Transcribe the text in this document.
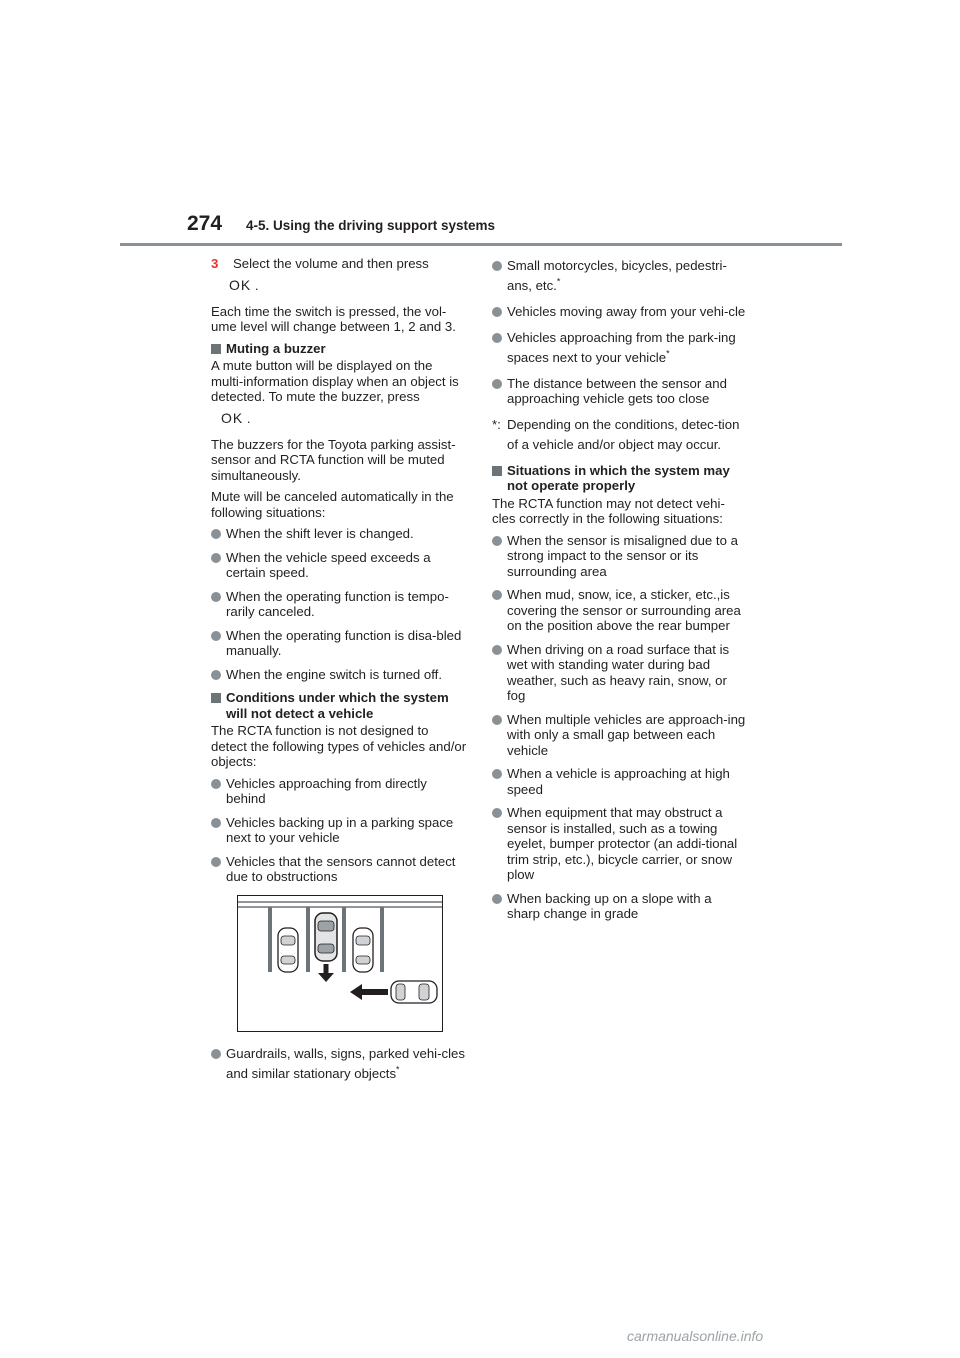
274 4-5. Using the driving support systems
3 Select the volume and then press
OK .

Each time the switch is pressed, the vol-ume level will change between 1, 2 and 3.

Muting a buzzer

A mute button will be displayed on the multi-information display when an object is detected. To mute the buzzer, press

OK .

The buzzers for the Toyota parking assist-sensor and RCTA function will be muted simultaneously.

Mute will be canceled automatically in the following situations:

When the shift lever is changed.
When the vehicle speed exceeds a certain speed.
When the operating function is tempo-rarily canceled.
When the operating function is disa-bled manually.
When the engine switch is turned off.
Conditions under which the system will not detect a vehicle

The RCTA function is not designed to detect the following types of vehicles and/or objects:

Vehicles approaching from directly behind
Vehicles backing up in a parking space next to your vehicle
Vehicles that the sensors cannot detect due to obstructions
Guardrails, walls, signs, parked vehi-cles and similar stationary objects*
Small motorcycles, bicycles, pedestri-ans, etc.*
Vehicles moving away from your vehi-cle
Vehicles approaching from the park-ing spaces next to your vehicle*
The distance between the sensor and approaching vehicle gets too close
*: Depending on the conditions, detec-tion of a vehicle and/or object may occur.
Situations in which the system may not operate properly

The RCTA function may not detect vehi-cles correctly in the following situations:

When the sensor is misaligned due to a strong impact to the sensor or its surrounding area
When mud, snow, ice, a sticker, etc.,is covering the sensor or surrounding area on the position above the rear bumper
When driving on a road surface that is wet with standing water during bad weather, such as heavy rain, snow, or fog
When multiple vehicles are approach-ing with only a small gap between each vehicle
When a vehicle is approaching at high speed
When equipment that may obstruct a sensor is installed, such as a towing eyelet, bumper protector (an addi-tional trim strip, etc.), bicycle carrier, or snow plow
When backing up on a slope with a sharp change in grade
carmanualsonline.info
